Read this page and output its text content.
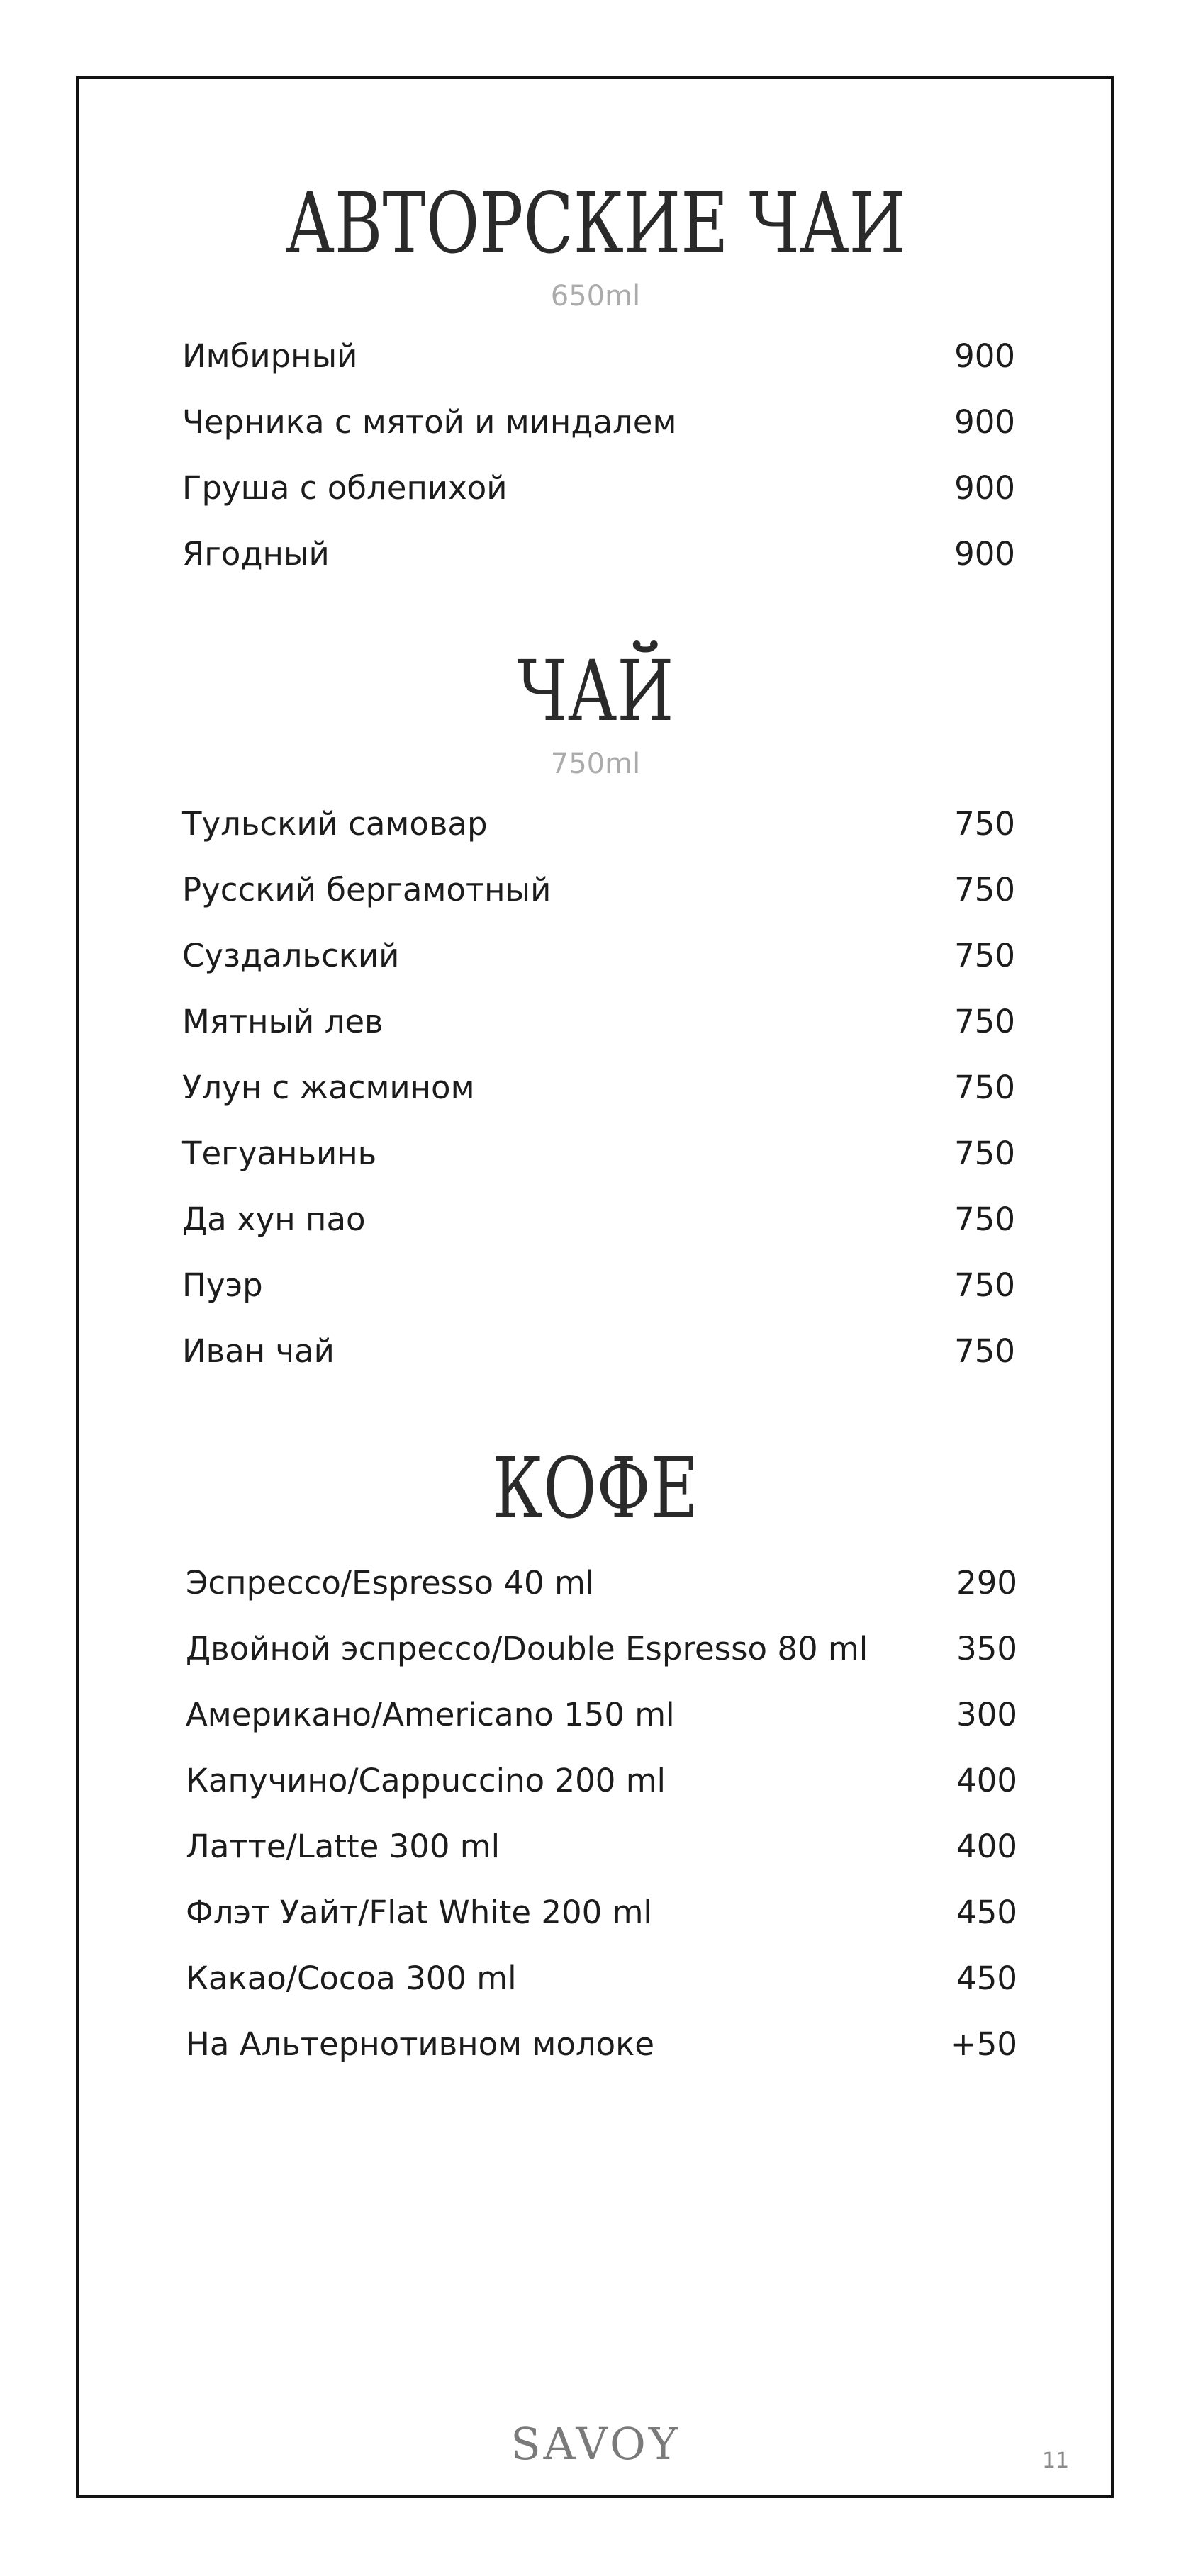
АВТОРСКИЕ ЧАИ
650ml
Имбирный	900
Черника с мятой и миндалем	900
Груша с облепихой	900
Ягодный	900
ЧАЙ
750ml
Тульский самовар	750
Русский бергамотный	750
Суздальский	750
Мятный лев	750
Улун с жасмином	750
Тегуаньинь	750
Да хун пао	750
Пуэр	750
Иван чай	750
КОФЕ
Эспрессо/Espresso 40 ml	290
Двойной эспрессо/Double Espresso 80 ml	350
Американо/Americano 150 ml	300
Капучино/Cappuccino 200 ml	400
Латте/Latte 300 ml	400
Флэт Уайт/Flat White 200 ml	450
Какао/Cocoa 300 ml	450
На Альтернотивном молоке	+50
SAVOY	11
